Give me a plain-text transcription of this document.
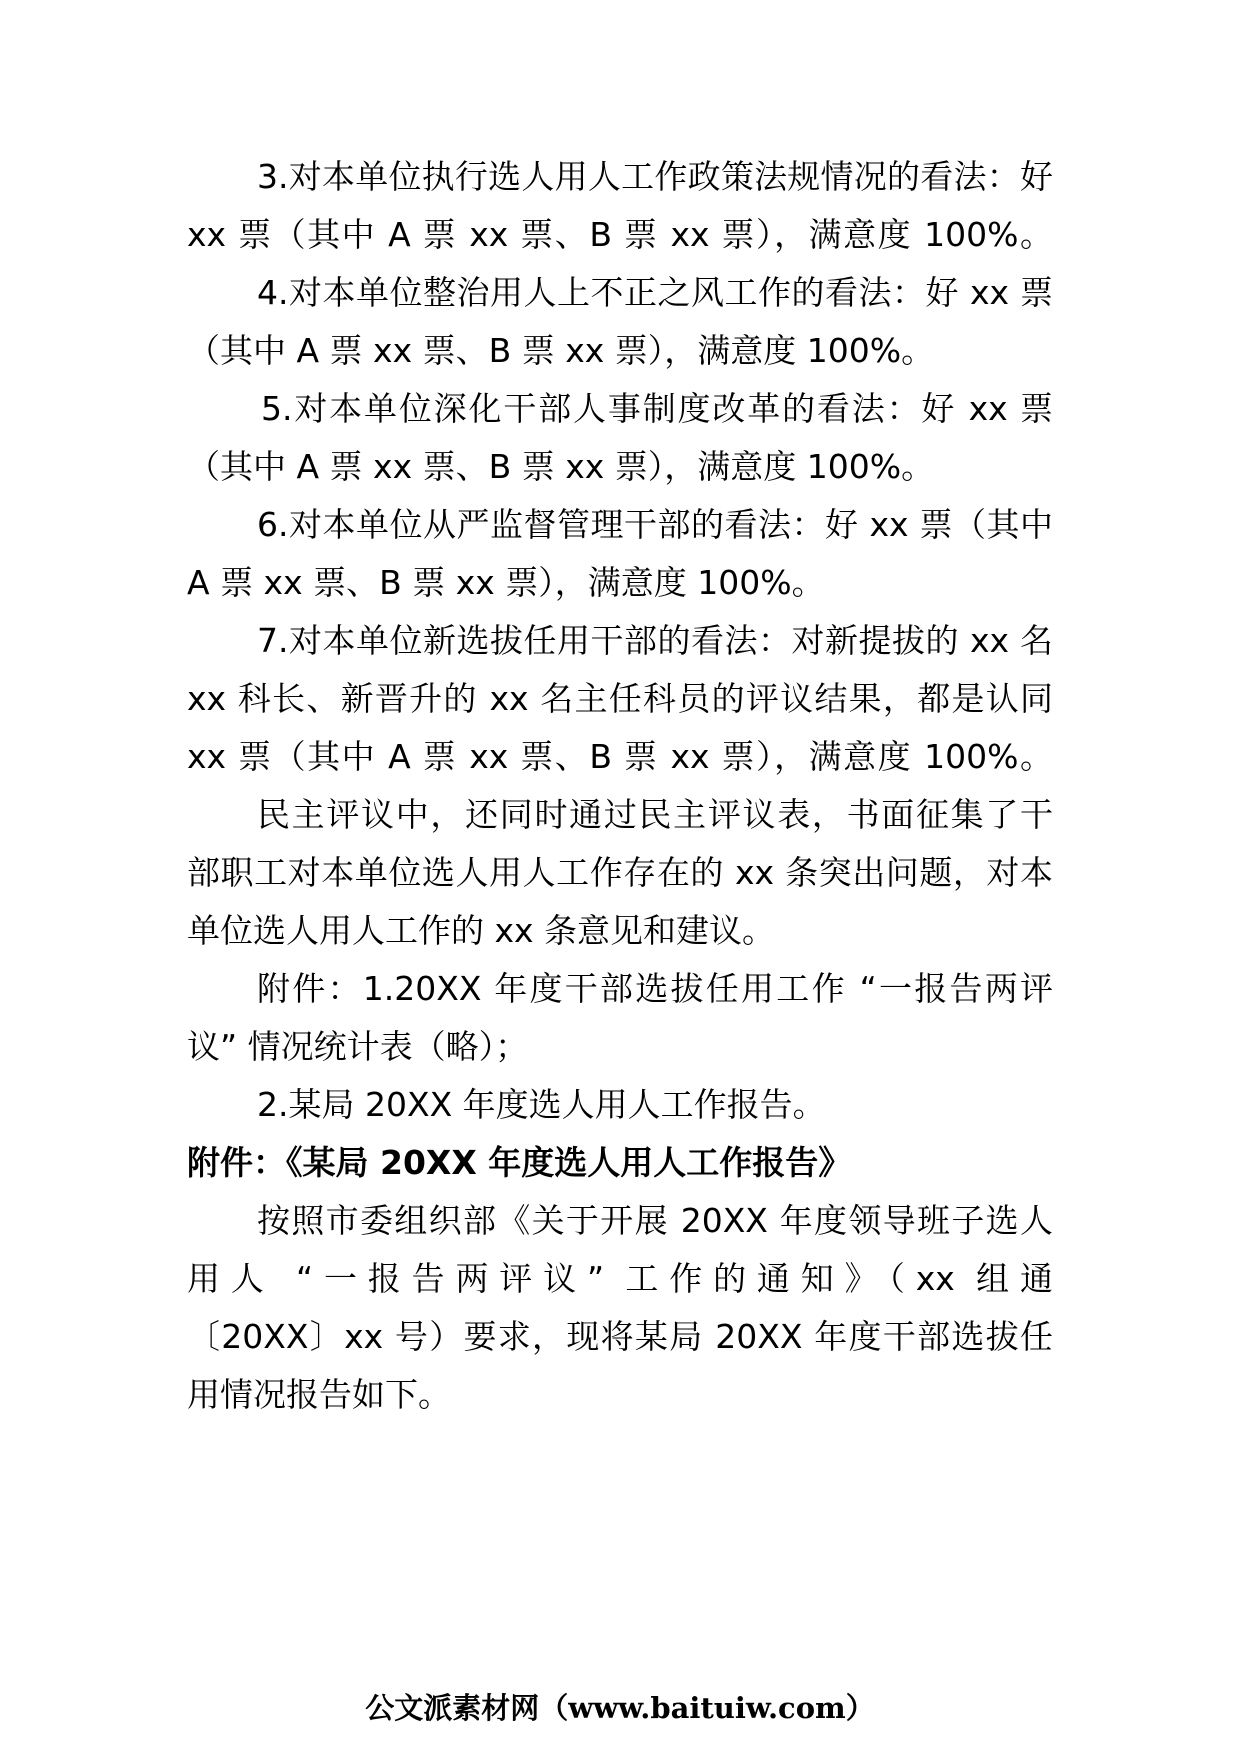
3.对本单位执行选人用人工作政策法规情况的看法：好
xx 票（其中 A 票 xx 票、B 票 xx 票），满意度 100%。
4.对本单位整治用人上不正之风工作的看法：好 xx 票
（其中 A 票 xx 票、B 票 xx 票），满意度 100%。
5.对本单位深化干部人事制度改革的看法：好 xx 票
（其中 A 票 xx 票、B 票 xx 票），满意度 100%。
6.对本单位从严监督管理干部的看法：好 xx 票（其中
A 票 xx 票、B 票 xx 票），满意度 100%。
7.对本单位新选拔任用干部的看法：对新提拔的 xx 名
xx 科长、新晋升的 xx 名主任科员的评议结果，都是认同
xx 票（其中 A 票 xx 票、B 票 xx 票），满意度 100%。
民主评议中，还同时通过民主评议表，书面征集了干
部职工对本单位选人用人工作存在的 xx 条突出问题，对本
单位选人用人工作的 xx 条意见和建议。
附件：1.20XX 年度干部选拔任用工作 “一报告两评
议” 情况统计表（略）；
2.某局 20XX 年度选人用人工作报告。
附件：《某局 20XX 年度选人用人工作报告》
按照市委组织部《关于开展 20XX 年度领导班子选人
用人 “一报告两评议” 工作的通知》（xx 组通
〔20XX〕xx 号）要求，现将某局 20XX 年度干部选拔任
用情况报告如下。
公文派素材网（www.baituiw.com）
